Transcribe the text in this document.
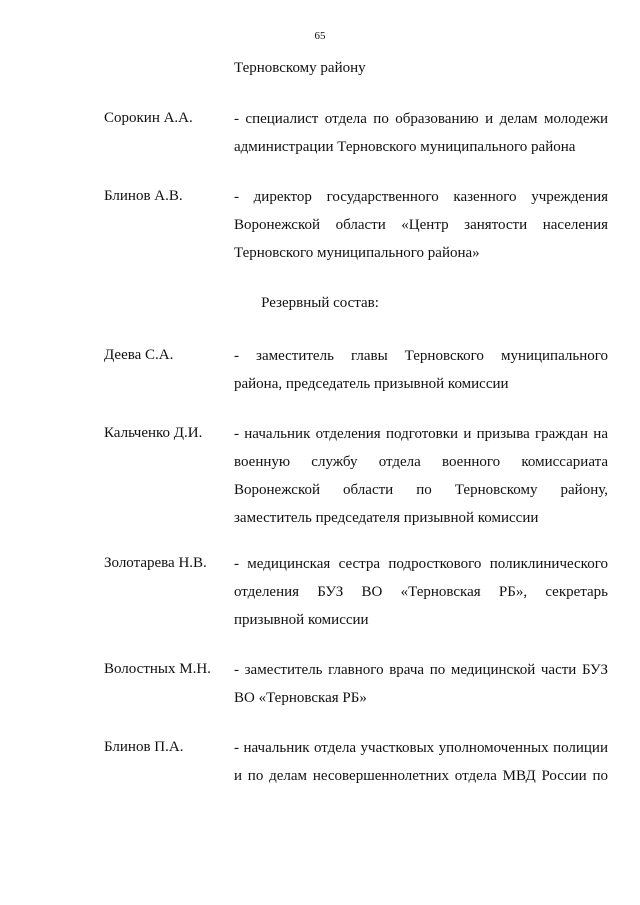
65
Терновскому району
Сорокин А.А.	- специалист отдела по образованию и делам молодежи
администрации Терновского муниципального района
Блинов А.В.	- директор государственного казенного учреждения
Воронежской области «Центр занятости населения
Терновского муниципального района»
Резервный состав:
Деева С.А.	- заместитель главы Терновского муниципального
района, председатель призывной комиссии
Кальченко Д.И. - начальник отделения подготовки и призыва граждан на
военную службу отдела военного комиссариата
Воронежской области по Терновскому району,
заместитель председателя призывной комиссии
Золотарева Н.В. - медицинская сестра подросткового поликлинического
отделения БУЗ ВО «Терновская РБ», секретарь
призывной комиссии
Волостных М.Н. - заместитель главного врача по медицинской части БУЗ
ВО «Терновская РБ»
Блинов П.А.	- начальник отдела участковых уполномоченных полиции
и по делам несовершеннолетних отдела МВД России по
